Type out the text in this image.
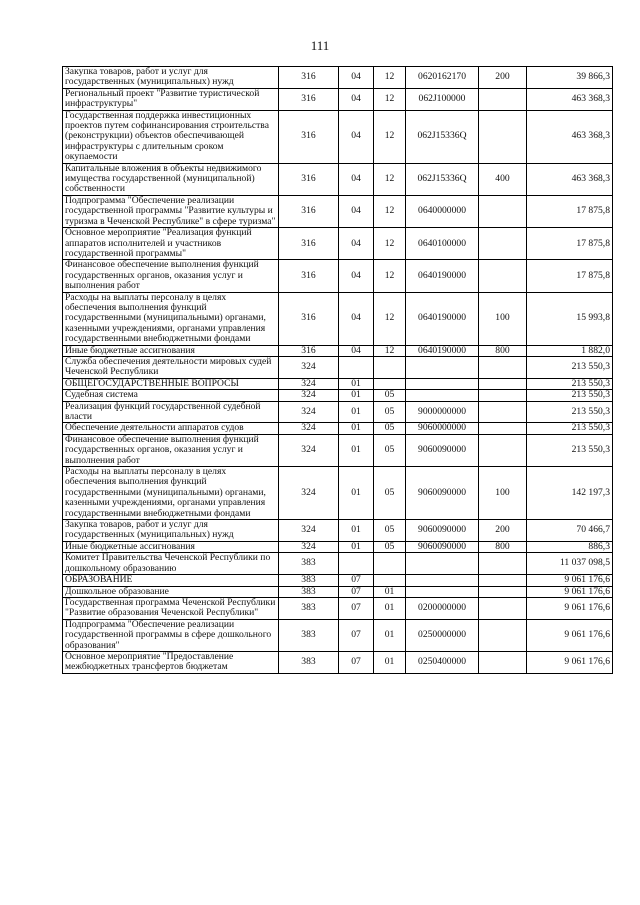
111
Закупка товаров, работ и услуг для государственных (муниципальных) нужд	316	04	12	0620162170	200	39 866,3
Региональный проект "Развитие туристической инфраструктуры"	316	04	12	062J100000		463 368,3
Государственная поддержка инвестиционных проектов путем софинансирования строительства (реконструкции) объектов обеспечивающей инфраструктуры с длительным сроком окупаемости	316	04	12	062J15336Q		463 368,3
Капитальные вложения в объекты недвижимого имущества государственной (муниципальной) собственности	316	04	12	062J15336Q	400	463 368,3
Подпрограмма "Обеспечение реализации государственной программы "Развитие культуры и туризма в Чеченской Республике" в сфере туризма"	316	04	12	0640000000		17 875,8
Основное мероприятие "Реализация функций аппаратов исполнителей и участников государственной программы"	316	04	12	0640100000		17 875,8
Финансовое обеспечение выполнения функций государственных органов, оказания услуг и выполнения работ	316	04	12	0640190000		17 875,8
Расходы на выплаты персоналу в целях обеспечения выполнения функций государственными (муниципальными) органами, казенными учреждениями, органами управления государственными внебюджетными фондами	316	04	12	0640190000	100	15 993,8
Иные бюджетные ассигнования	316	04	12	0640190000	800	1 882,0
Служба обеспечения деятельности мировых судей Чеченской Республики	324					213 550,3
ОБЩЕГОСУДАРСТВЕННЫЕ ВОПРОСЫ	324	01				213 550,3
Судебная система	324	01	05			213 550,3
Реализация функций государственной судебной власти	324	01	05	9000000000		213 550,3
Обеспечение деятельности аппаратов судов	324	01	05	9060000000		213 550,3
Финансовое обеспечение выполнения функций государственных органов, оказания услуг и выполнения работ	324	01	05	9060090000		213 550,3
Расходы на выплаты персоналу в целях обеспечения выполнения функций государственными (муниципальными) органами, казенными учреждениями, органами управления государственными внебюджетными фондами	324	01	05	9060090000	100	142 197,3
Закупка товаров, работ и услуг для государственных (муниципальных) нужд	324	01	05	9060090000	200	70 466,7
Иные бюджетные ассигнования	324	01	05	9060090000	800	886,3
Комитет Правительства Чеченской Республики по дошкольному образованию	383					11 037 098,5
ОБРАЗОВАНИЕ	383	07				9 061 176,6
Дошкольное образование	383	07	01			9 061 176,6
Государственная программа Чеченской Республики "Развитие образования Чеченской Республики"	383	07	01	0200000000		9 061 176,6
Подпрограмма "Обеспечение реализации государственной программы в сфере дошкольного образования"	383	07	01	0250000000		9 061 176,6
Основное мероприятие "Предоставление межбюджетных трансфертов бюджетам	383	07	01	0250400000		9 061 176,6
